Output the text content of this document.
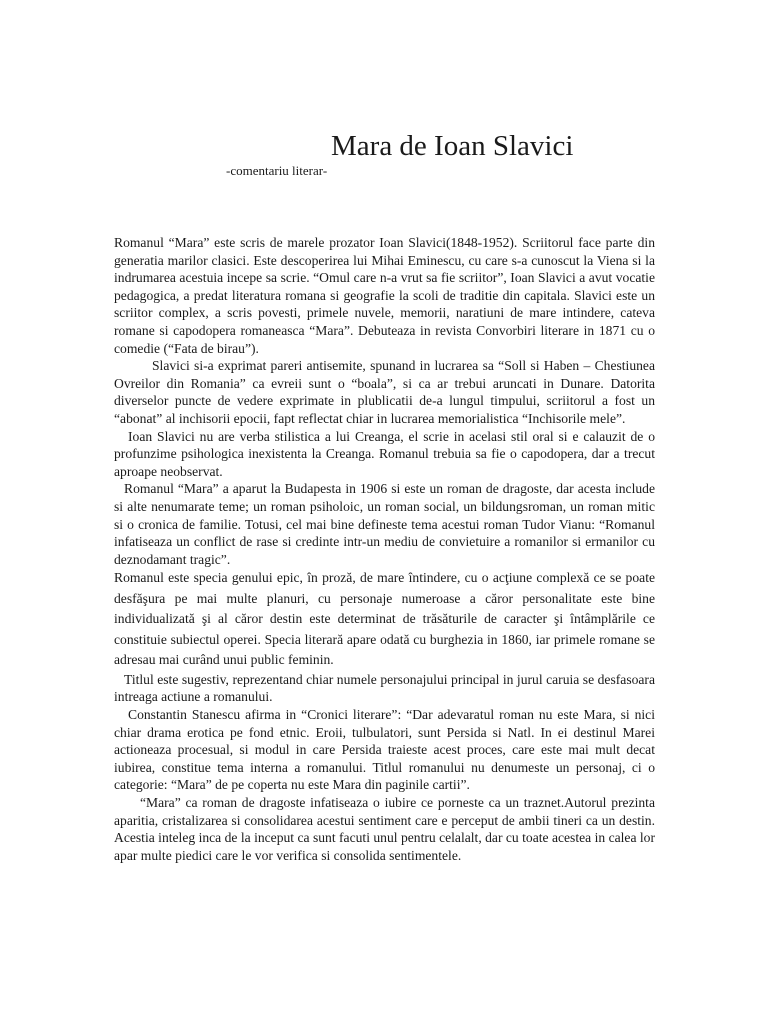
Mara de Ioan Slavici
-comentariu literar-

Romanul “Mara” este scris de marele prozator Ioan Slavici(1848-1952). Scriitorul face parte din generatia marilor clasici. Este descoperirea lui Mihai Eminescu, cu care s-a cunoscut la Viena si la indrumarea acestuia incepe sa scrie. “Omul care n-a vrut sa fie scriitor”, Ioan Slavici a avut vocatie pedagogica, a predat literatura romana si geografie la scoli de traditie din capitala. Slavici este un scriitor complex, a scris povesti, primele nuvele, memorii, naratiuni de mare intindere, cateva romane si capodopera romaneasca “Mara”. Debuteaza in revista Convorbiri literare in 1871 cu o comedie (“Fata de birau”).

Slavici si-a exprimat pareri antisemite, spunand in lucrarea sa “Soll si Haben – Chestiunea Ovreilor din Romania” ca evreii sunt o “boala”, si ca ar trebui aruncati in Dunare. Datorita diverselor puncte de vedere exprimate in plublicatii de-a lungul timpului, scriitorul a fost un “abonat” al inchisorii epocii, fapt reflectat chiar in lucrarea memorialistica “Inchisorile mele”.

Ioan Slavici nu are verba stilistica a lui Creanga, el scrie in acelasi stil oral si e calauzit de o profunzime psihologica inexistenta la Creanga. Romanul trebuia sa fie o capodopera, dar a trecut aproape neobservat.

Romanul “Mara” a aparut la Budapesta in 1906 si este un roman de dragoste, dar acesta include si alte nenumarate teme; un roman psiholoic, un roman social, un bildungsroman, un roman mitic si o cronica de familie. Totusi, cel mai bine defineste tema acestui roman Tudor Vianu: “Romanul infatiseaza un conflict de rase si credinte intr-un mediu de convietuire a romanilor si ermanilor cu deznodamant tragic”.

Romanul este specia genului epic, în proză, de mare întindere, cu o acţiune complexă ce se poate desfăşura pe mai multe planuri, cu personaje numeroase a căror personalitate este bine individualizată şi al căror destin este determinat de trăsăturile de caracter şi întâmplările ce constituie subiectul operei. Specia literară apare odată cu burghezia in 1860, iar primele romane se adresau mai curând unui public feminin.

Titlul este sugestiv, reprezentand chiar numele personajului principal in jurul caruia se desfasoara intreaga actiune a romanului.

Constantin Stanescu afirma in “Cronici literare”: “Dar adevaratul roman nu este Mara, si nici chiar drama erotica pe fond etnic. Eroii, tulbulatori, sunt Persida si Natl. In ei destinul Marei actioneaza procesual, si modul in care Persida traieste acest proces, care este mai mult decat iubirea, constitue tema interna a romanului. Titlul romanului nu denumeste un personaj, ci o categorie: “Mara” de pe coperta nu este Mara din paginile cartii”.

“Mara” ca roman de dragoste infatiseaza o iubire ce porneste ca un traznet.Autorul prezinta aparitia, cristalizarea si consolidarea acestui sentiment care e perceput de ambii tineri ca un destin. Acestia inteleg inca de la inceput ca sunt facuti unul pentru celalalt, dar cu toate acestea in calea lor apar multe piedici care le vor verifica si consolida sentimentele.
